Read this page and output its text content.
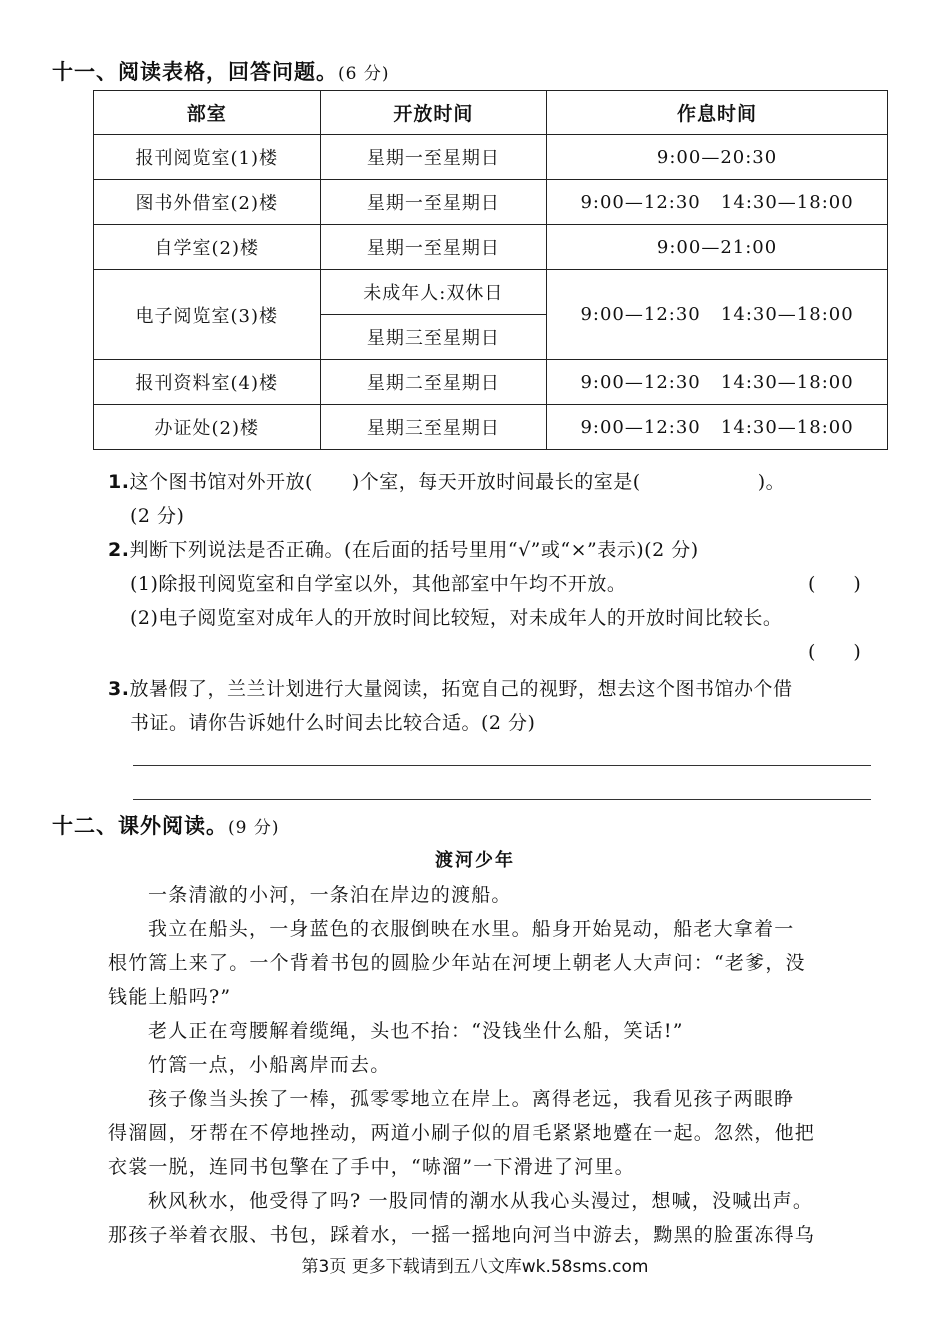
十一、阅读表格，回答问题。(6 分)
部室	开放时间	作息时间
报刊阅览室(1)楼	星期一至星期日	9:00—20:30
图书外借室(2)楼	星期一至星期日	9:00—12:30   14:30—18:00
自学室(2)楼	星期一至星期日	9:00—21:00
电子阅览室(3)楼	未成年人:双休日	9:00—12:30   14:30—18:00
	星期三至星期日	
报刊资料室(4)楼	星期二至星期日	9:00—12:30   14:30—18:00
办证处(2)楼	星期三至星期日	9:00—12:30   14:30—18:00
1.这个图书馆对外开放(　　)个室，每天开放时间最长的室是(　　　　　　)。
(2 分)
2.判断下列说法是否正确。(在后面的括号里用“√”或“×”表示)(2 分)
(1)除报刊阅览室和自学室以外，其他部室中午均不开放。	(　　)
(2)电子阅览室对成年人的开放时间比较短，对未成年人的开放时间比较长。
(　　)
3.放暑假了，兰兰计划进行大量阅读，拓宽自己的视野，想去这个图书馆办个借
书证。请你告诉她什么时间去比较合适。(2 分)
十二、课外阅读。(9 分)
渡河少年
一条清澈的小河，一条泊在岸边的渡船。
我立在船头，一身蓝色的衣服倒映在水里。船身开始晃动，船老大拿着一
根竹篙上来了。一个背着书包的圆脸少年站在河埂上朝老人大声问：“老爹，没
钱能上船吗?”
老人正在弯腰解着缆绳，头也不抬：“没钱坐什么船，笑话!”
竹篙一点，小船离岸而去。
孩子像当头挨了一棒，孤零零地立在岸上。离得老远，我看见孩子两眼睁
得溜圆，牙帮在不停地挫动，两道小刷子似的眉毛紧紧地蹙在一起。忽然，他把
衣裳一脱，连同书包擎在了手中，“哧溜”一下滑进了河里。
秋风秋水，他受得了吗? 一股同情的潮水从我心头漫过，想喊，没喊出声。
那孩子举着衣服、书包，踩着水，一摇一摇地向河当中游去，黝黑的脸蛋冻得乌
第3页 更多下载请到五八文库wk.58sms.com
